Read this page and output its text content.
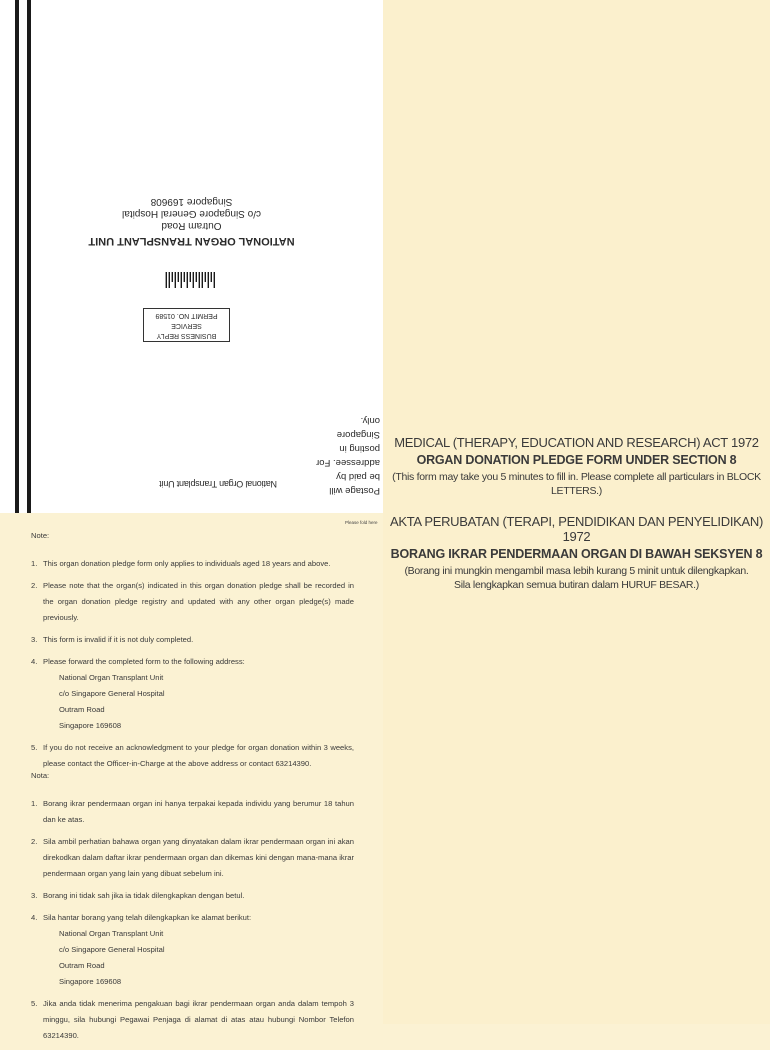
Postage will
be paid by
addressee. For
posting in
Singapore only.
National Organ Transplant Unit
BUSINESS REPLY SERVICE
PERMIT NO. 01589
NATIONAL ORGAN TRANSPLANT UNIT
Outram Road
c/o Singapore General Hospital
Singapore 169608
Please fold here
MEDICAL (THERAPY, EDUCATION AND RESEARCH) ACT 1972
ORGAN DONATION PLEDGE FORM UNDER SECTION 8
(This form may take you 5 minutes to fill in. Please complete all particulars in BLOCK LETTERS.)
AKTA PERUBATAN (TERAPI, PENDIDIKAN DAN PENYELIDIKAN) 1972
BORANG IKRAR PENDERMAAN ORGAN DI BAWAH SEKSYEN 8
(Borang ini mungkin mengambil masa lebih kurang 5 minit untuk dilengkapkan.
Sila lengkapkan semua butiran dalam HURUF BESAR.)
Note:
1. This organ donation pledge form only applies to individuals aged 18 years and above.
2. Please note that the organ(s) indicated in this organ donation pledge shall be recorded in the organ donation pledge registry and updated with any other organ pledge(s) made previously.
3. This form is invalid if it is not duly completed.
4. Please forward the completed form to the following address:
National Organ Transplant Unit
c/o Singapore General Hospital
Outram Road
Singapore 169608
5. If you do not receive an acknowledgment to your pledge for organ donation within 3 weeks, please contact the Officer-in-Charge at the above address or contact 63214390.
Nota:
1. Borang ikrar pendermaan organ ini hanya terpakai kepada individu yang berumur 18 tahun dan ke atas.
2. Sila ambil perhatian bahawa organ yang dinyatakan dalam ikrar pendermaan organ ini akan direkodkan dalam daftar ikrar pendermaan organ dan dikemas kini dengan mana-mana ikrar pendermaan organ yang lain yang dibuat sebelum ini.
3. Borang ini tidak sah jika ia tidak dilengkapkan dengan betul.
4. Sila hantar borang yang telah dilengkapkan ke alamat berikut:
National Organ Transplant Unit
c/o Singapore General Hospital
Outram Road
Singapore 169608
5. Jika anda tidak menerima pengakuan bagi ikrar pendermaan organ anda dalam tempoh 3 minggu, sila hubungi Pegawai Penjaga di alamat di atas atau hubungi Nombor Telefon 63214390.
